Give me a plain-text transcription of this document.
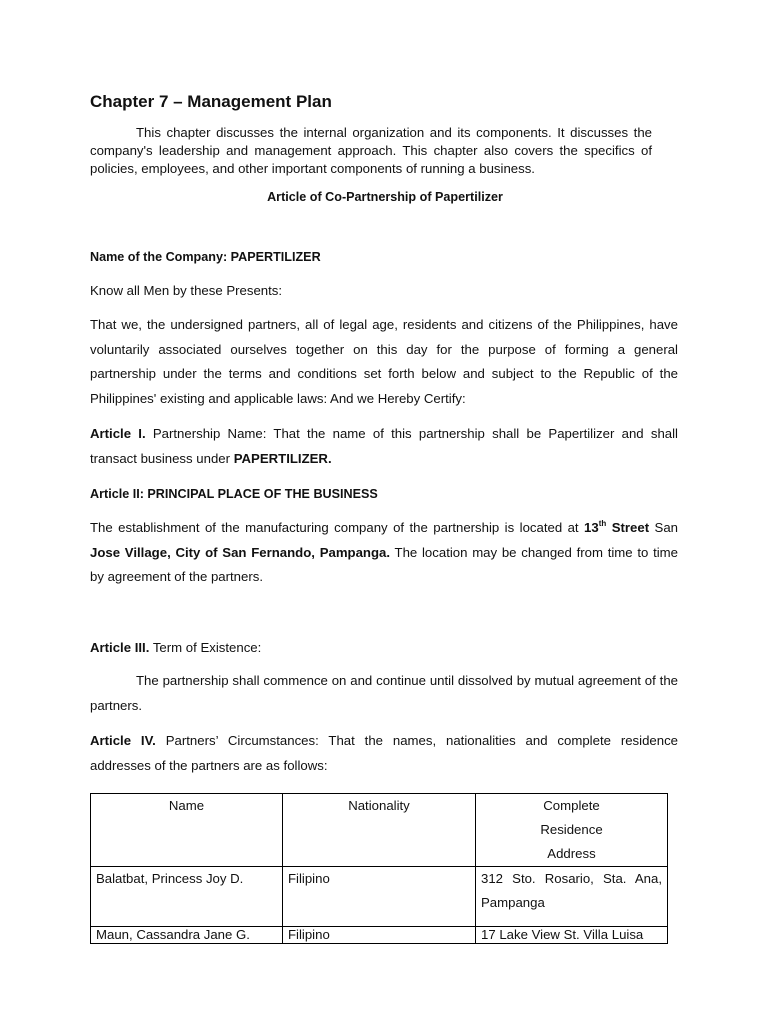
Chapter 7 – Management Plan
This chapter discusses the internal organization and its components. It discusses the company's leadership and management approach. This chapter also covers the specifics of policies, employees, and other important components of running a business.
Article of Co-Partnership of Papertilizer
Name of the Company: PAPERTILIZER
Know all Men by these Presents:
That we, the undersigned partners, all of legal age, residents and citizens of the Philippines, have voluntarily associated ourselves together on this day for the purpose of forming a general partnership under the terms and conditions set forth below and subject to the Republic of the Philippines' existing and applicable laws: And we Hereby Certify:
Article I. Partnership Name: That the name of this partnership shall be Papertilizer and shall transact business under PAPERTILIZER.
Article II: PRINCIPAL PLACE OF THE BUSINESS
The establishment of the manufacturing company of the partnership is located at 13th Street San Jose Village, City of San Fernando, Pampanga. The location may be changed from time to time by agreement of the partners.
Article III. Term of Existence:
The partnership shall commence on and continue until dissolved by mutual agreement of the partners.
Article IV. Partners’ Circumstances: That the names, nationalities and complete residence addresses of the partners are as follows:
Name	Nationality	Complete Residence Address
Balatbat, Princess Joy D.	Filipino	312 Sto. Rosario, Sta. Ana, Pampanga
Maun, Cassandra Jane G.	Filipino	17 Lake View St. Villa Luisa
